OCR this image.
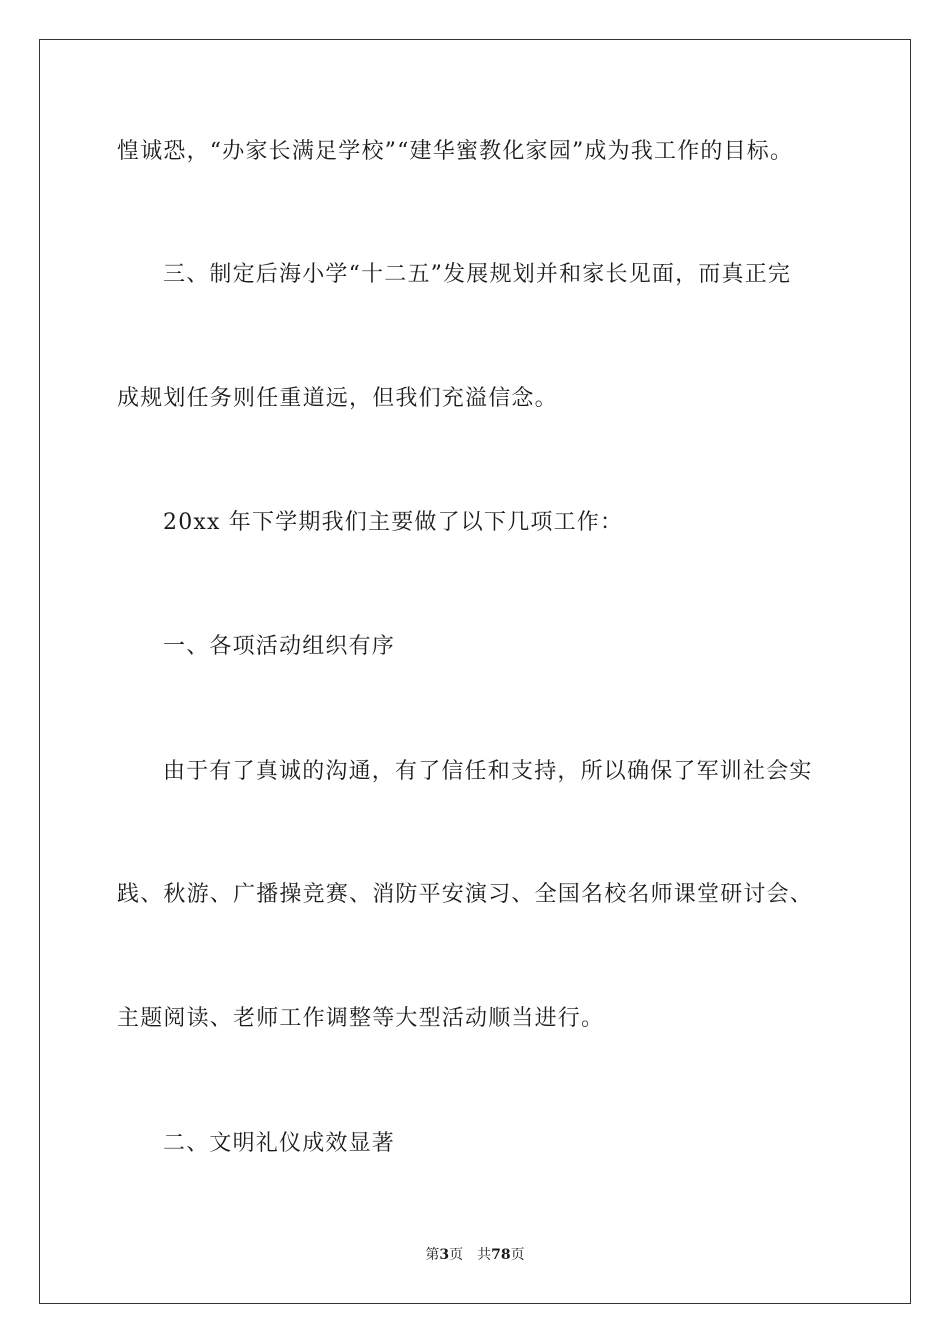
惶诚恐，“办家长满足学校”“建华蜜教化家园”成为我工作的目标。
三、制定后海小学“十二五”发展规划并和家长见面，而真正完
成规划任务则任重道远，但我们充溢信念。
20xx 年下学期我们主要做了以下几项工作：
一、各项活动组织有序
由于有了真诚的沟通，有了信任和支持，所以确保了军训社会实
践、秋游、广播操竞赛、消防平安演习、全国名校名师课堂研讨会、
主题阅读、老师工作调整等大型活动顺当进行。
二、文明礼仪成效显著
第3页 共78页
